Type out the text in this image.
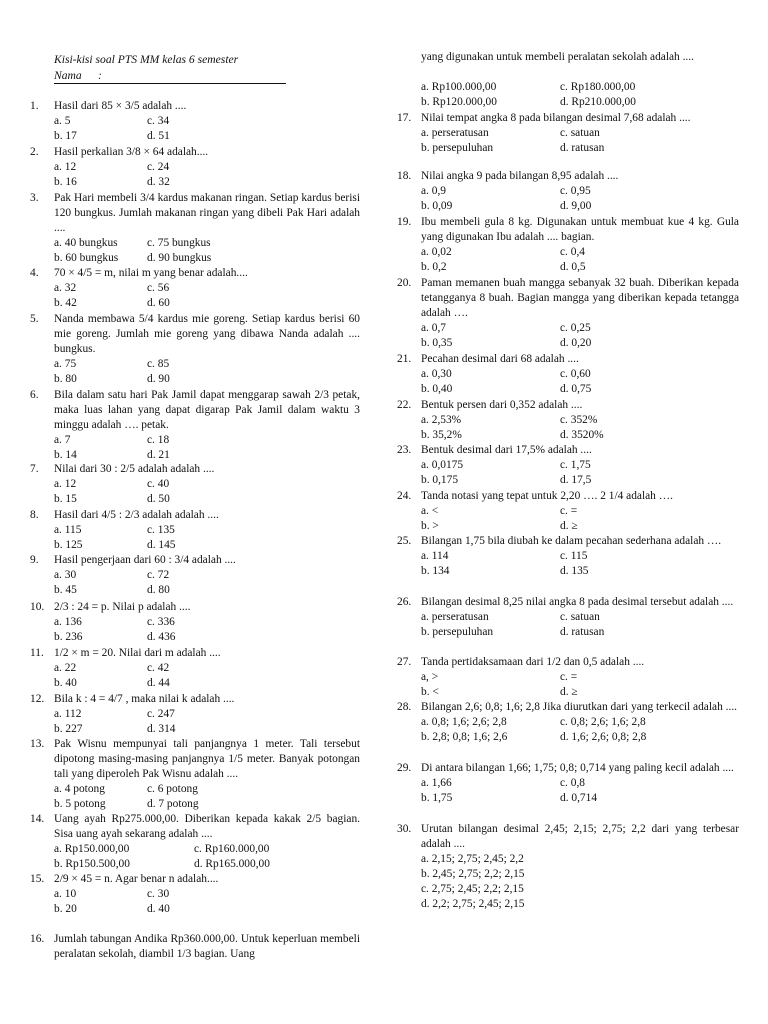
Kisi-kisi soal PTS MM kelas 6 semester
Nama :
1. Hasil dari 85 × 3/5 adalah ....
a. 5	c. 34
b. 17	d. 51
2. Hasil perkalian 3/8 × 64 adalah....
a. 12	c. 24
b. 16	d. 32
3. Pak Hari membeli 3/4 kardus makanan ringan. Setiap kardus berisi 120 bungkus. Jumlah makanan ringan yang dibeli Pak Hari adalah ....
a. 40 bungkus	c. 75 bungkus
b. 60 bungkus	d. 90 bungkus
4. 70 × 4/5 = m, nilai m yang benar adalah....
a. 32	c. 56
b. 42	d. 60
5. Nanda membawa 5/4 kardus mie goreng. Setiap kardus berisi 60 mie goreng. Jumlah mie goreng yang dibawa Nanda adalah .... bungkus.
a. 75	c. 85
b. 80	d. 90
6. Bila dalam satu hari Pak Jamil dapat menggarap sawah 2/3 petak, maka luas lahan yang dapat digarap Pak Jamil dalam waktu 3 minggu adalah …. petak.
a. 7	c. 18
b. 14	d. 21
7. Nilai dari 30 : 2/5 adalah adalah ....
a. 12	c. 40
b. 15	d. 50
8. Hasil dari 4/5 : 2/3 adalah adalah ....
a. 115	c. 135
b. 125	d. 145
9. Hasil pengerjaan dari 60 : 3/4 adalah ....
a. 30	c. 72
b. 45	d. 80
10. 2/3 : 24 = p. Nilai p adalah ....
a. 136	c. 336
b. 236	d. 436
11. 1/2 × m = 20. Nilai dari m adalah ....
a. 22	c. 42
b. 40	d. 44
12. Bila k : 4 = 4/7 , maka nilai k adalah ....
a. 112	c. 247
b. 227	d. 314
13. Pak Wisnu mempunyai tali panjangnya 1 meter. Tali tersebut dipotong masing-masing panjangnya 1/5 meter. Banyak potongan tali yang diperoleh Pak Wisnu adalah ....
a. 4 potong	c. 6 potong
b. 5 potong	d. 7 potong
14. Uang ayah Rp275.000,00. Diberikan kepada kakak 2/5 bagian. Sisa uang ayah sekarang adalah ....
a. Rp150.000,00	c. Rp160.000,00
b. Rp150.500,00	d. Rp165.000,00
15. 2/9 × 45 = n. Agar benar n adalah....
a. 10	c. 30
b. 20	d. 40
16. Jumlah tabungan Andika Rp360.000,00. Untuk keperluan membeli peralatan sekolah, diambil 1/3 bagian. Uang
yang digunakan untuk membeli peralatan sekolah adalah ....
a. Rp100.000,00	c. Rp180.000,00
b. Rp120.000,00	d. Rp210.000,00
17. Nilai tempat angka 8 pada bilangan desimal 7,68 adalah ....
a. perseratusan	c. satuan
b. persepuluhan	d. ratusan
18. Nilai angka 9 pada bilangan 8,95 adalah ....
a. 0,9	c. 0,95
b. 0,09	d. 9,00
19. Ibu membeli gula 8 kg. Digunakan untuk membuat kue 4 kg. Gula yang digunakan Ibu adalah .... bagian.
a. 0,02	c. 0,4
b. 0,2	d. 0,5
20. Paman memanen buah mangga sebanyak 32 buah. Diberikan kepada tetangganya 8 buah. Bagian mangga yang diberikan kepada tetangga adalah ….
a. 0,7	c. 0,25
b. 0,35	d. 0,20
21. Pecahan desimal dari 68 adalah ....
a. 0,30	c. 0,60
b. 0,40	d. 0,75
22. Bentuk persen dari 0,352 adalah ....
a. 2,53%	c. 352%
b. 35,2%	d. 3520%
23. Bentuk desimal dari 17,5% adalah ....
a. 0,0175	c. 1,75
b. 0,175	d. 17,5
24. Tanda notasi yang tepat untuk 2,20 …. 2 1/4 adalah ….
a. <	c. =
b. >	d. ≥
25. Bilangan 1,75 bila diubah ke dalam pecahan sederhana adalah ….
a. 114	c. 115
b. 134	d. 135
26. Bilangan desimal 8,25 nilai angka 8 pada desimal tersebut adalah ....
a. perseratusan	c. satuan
b. persepuluhan	d. ratusan
27. Tanda pertidaksamaan dari 1/2 dan 0,5 adalah ....
a, >	c. =
b. <	d. ≥
28. Bilangan 2,6; 0,8; 1,6; 2,8 Jika diurutkan dari yang terkecil adalah ....
a. 0,8; 1,6; 2,6; 2,8	c. 0,8; 2,6; 1,6; 2,8
b. 2,8; 0,8; 1,6; 2,6	d. 1,6; 2,6; 0,8; 2,8
29. Di antara bilangan 1,66; 1,75; 0,8; 0,714 yang paling kecil adalah ....
a. 1,66	c. 0,8
b. 1,75	d. 0,714
30. Urutan bilangan desimal 2,45; 2,15; 2,75; 2,2 dari yang terbesar adalah ....
a. 2,15; 2,75; 2,45; 2,2
b. 2,45; 2,75; 2,2; 2,15
c. 2,75; 2,45; 2,2; 2,15
d. 2,2; 2,75; 2,45; 2,15
